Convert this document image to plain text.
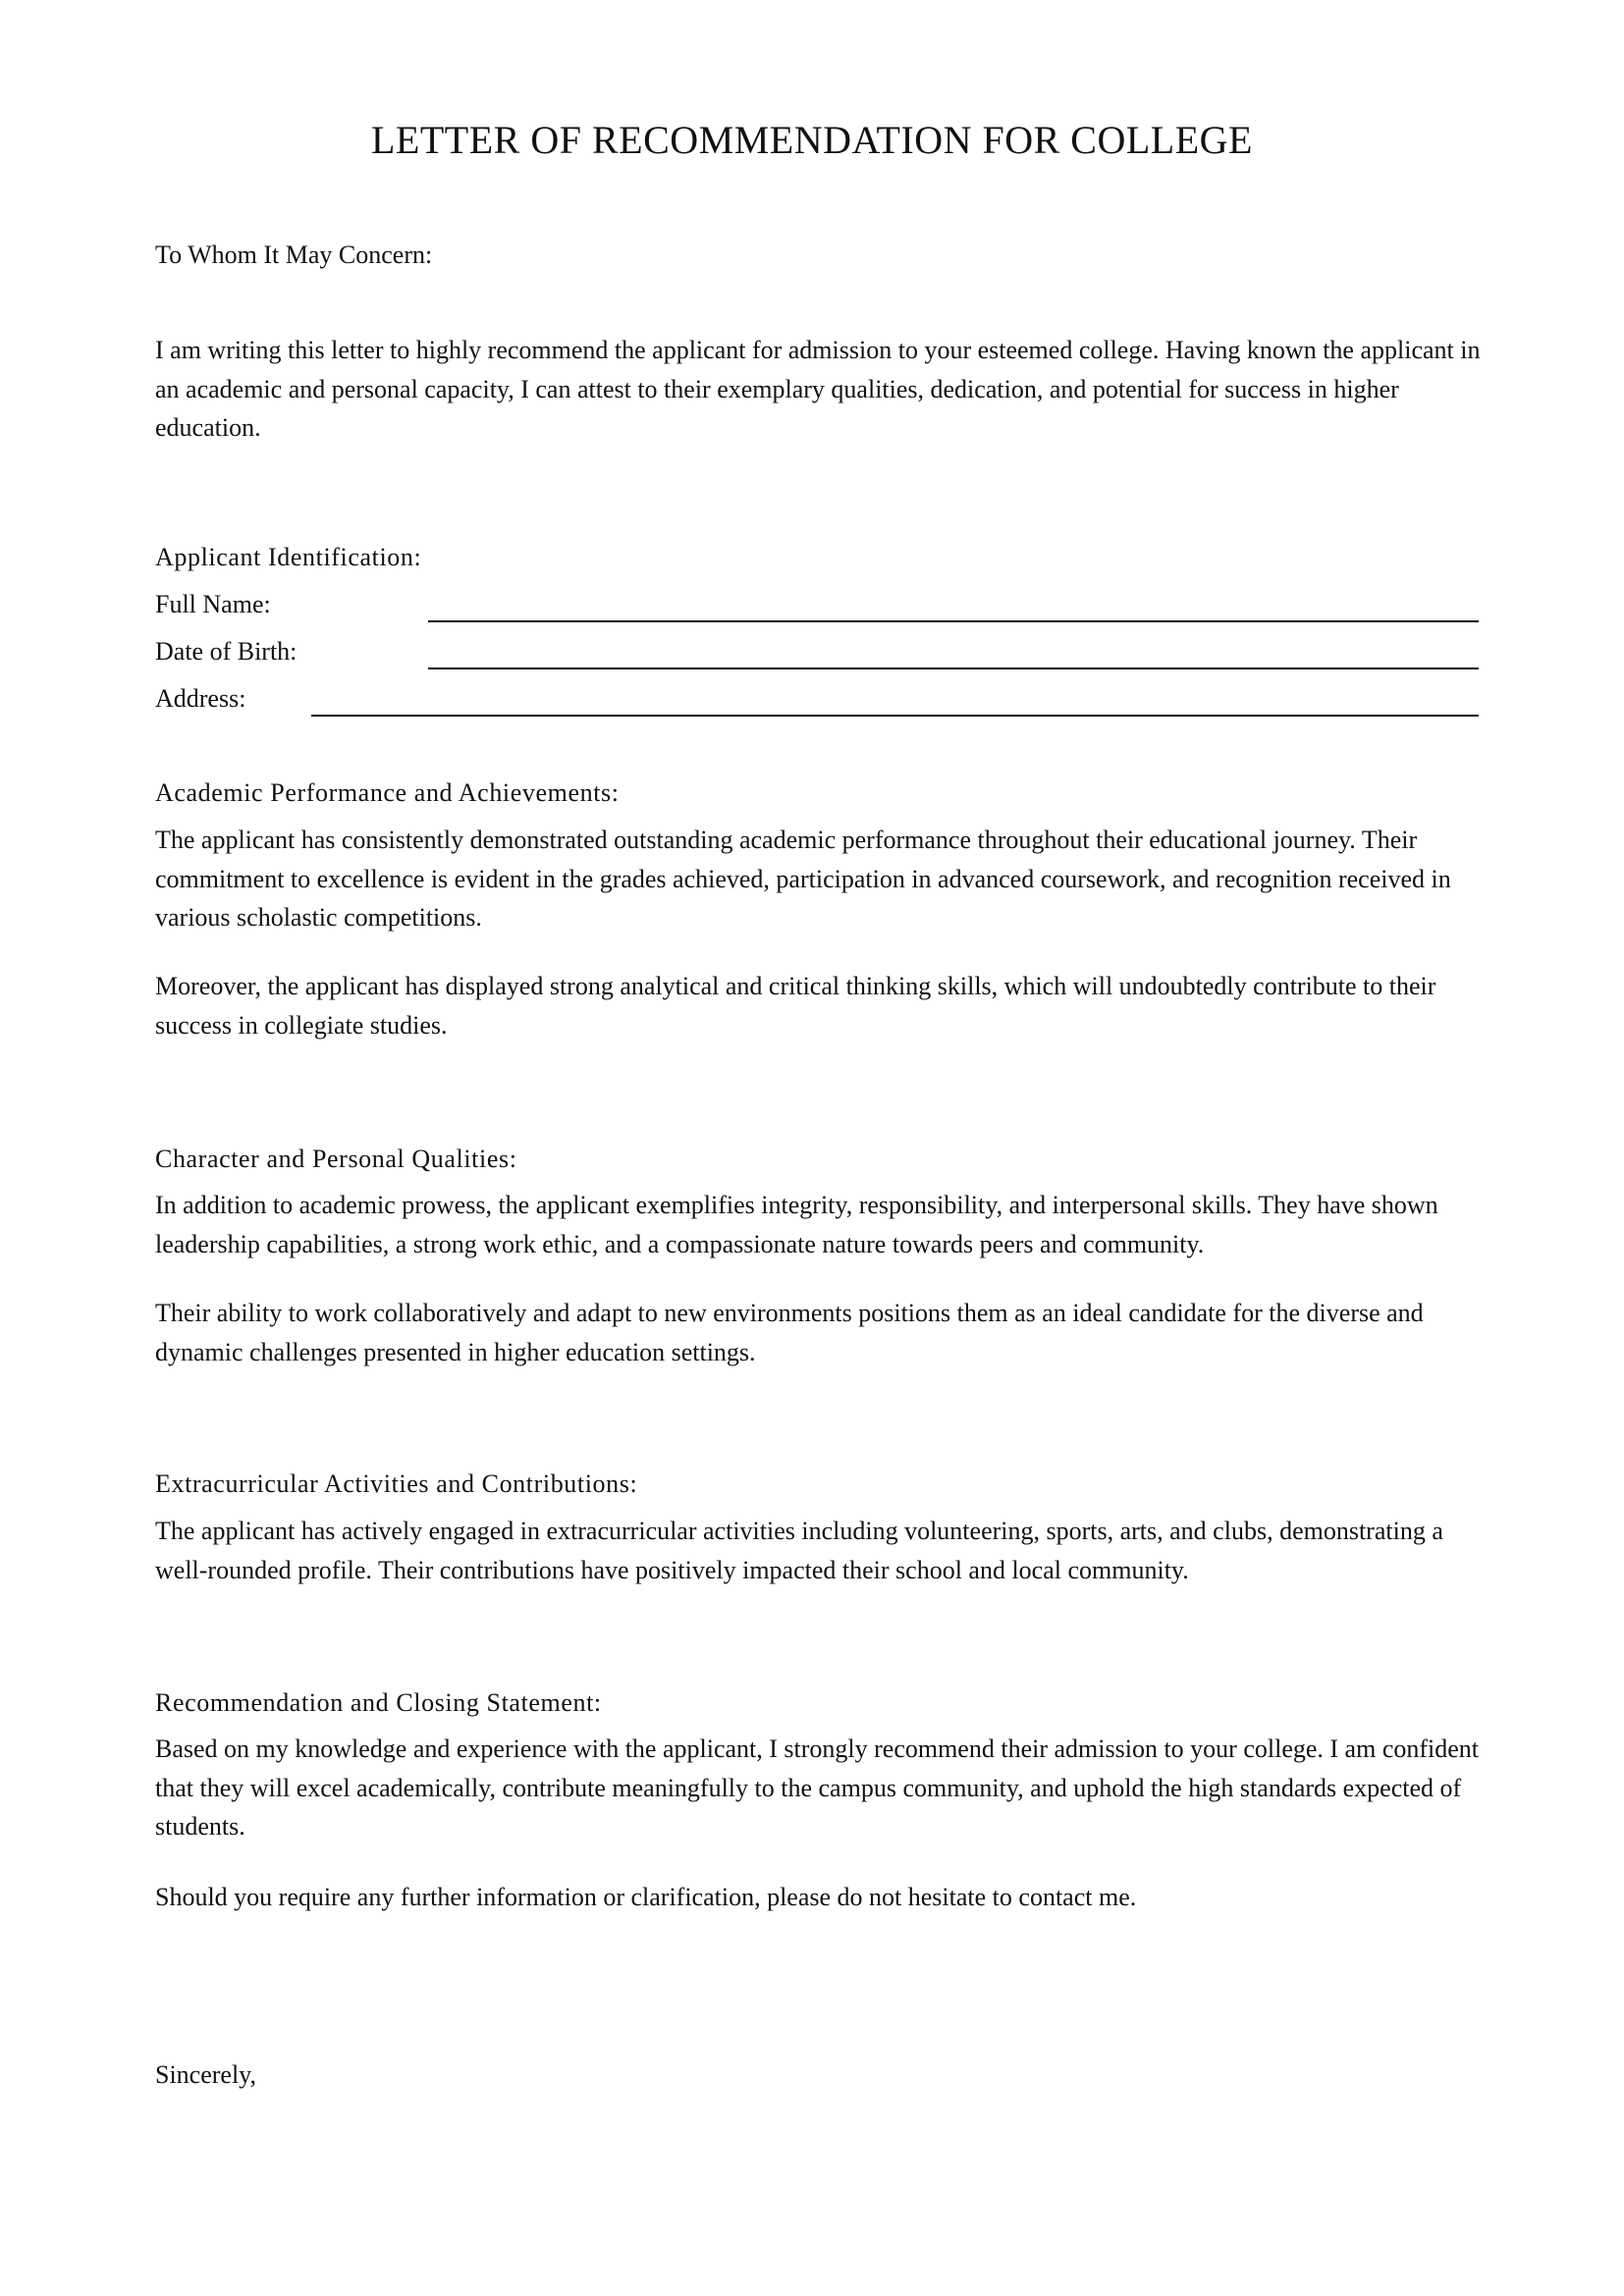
LETTER OF RECOMMENDATION FOR COLLEGE
To Whom It May Concern:

I am writing this letter to highly recommend the applicant for admission to your esteemed college. Having known the applicant in an academic and personal capacity, I can attest to their exemplary qualities, dedication, and potential for success in higher education.

Applicant Identification:
Full Name:
Date of Birth:
Address:
Academic Performance and Achievements:

The applicant has consistently demonstrated outstanding academic performance throughout their educational journey. Their commitment to excellence is evident in the grades achieved, participation in advanced coursework, and recognition received in various scholastic competitions.

Moreover, the applicant has displayed strong analytical and critical thinking skills, which will undoubtedly contribute to their success in collegiate studies.

Character and Personal Qualities:

In addition to academic prowess, the applicant exemplifies integrity, responsibility, and interpersonal skills. They have shown leadership capabilities, a strong work ethic, and a compassionate nature towards peers and community.

Their ability to work collaboratively and adapt to new environments positions them as an ideal candidate for the diverse and dynamic challenges presented in higher education settings.

Extracurricular Activities and Contributions:

The applicant has actively engaged in extracurricular activities including volunteering, sports, arts, and clubs, demonstrating a well-rounded profile. Their contributions have positively impacted their school and local community.

Recommendation and Closing Statement:

Based on my knowledge and experience with the applicant, I strongly recommend their admission to your college. I am confident that they will excel academically, contribute meaningfully to the campus community, and uphold the high standards expected of students.

Should you require any further information or clarification, please do not hesitate to contact me.

Sincerely,
